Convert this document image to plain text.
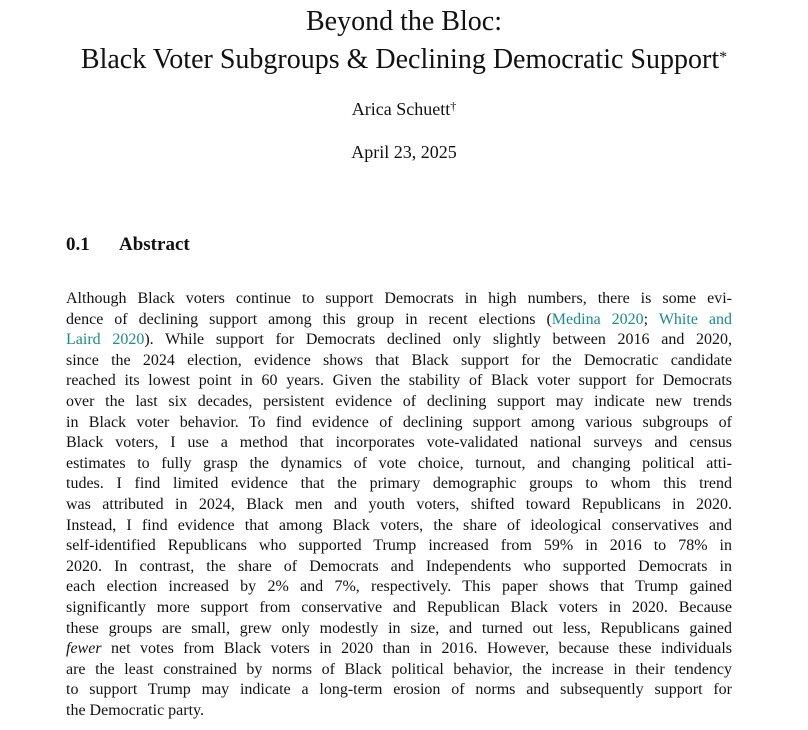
Beyond the Bloc:
Black Voter Subgroups & Declining Democratic Support*
Arica Schuett†
April 23, 2025
0.1 Abstract
Although Black voters continue to support Democrats in high numbers, there is some evi-
dence of declining support among this group in recent elections (Medina 2020; White and
Laird 2020). While support for Democrats declined only slightly between 2016 and 2020,
since the 2024 election, evidence shows that Black support for the Democratic candidate
reached its lowest point in 60 years. Given the stability of Black voter support for Democrats
over the last six decades, persistent evidence of declining support may indicate new trends
in Black voter behavior. To find evidence of declining support among various subgroups of
Black voters, I use a method that incorporates vote-validated national surveys and census
estimates to fully grasp the dynamics of vote choice, turnout, and changing political atti-
tudes. I find limited evidence that the primary demographic groups to whom this trend
was attributed in 2024, Black men and youth voters, shifted toward Republicans in 2020.
Instead, I find evidence that among Black voters, the share of ideological conservatives and
self-identified Republicans who supported Trump increased from 59% in 2016 to 78% in
2020. In contrast, the share of Democrats and Independents who supported Democrats in
each election increased by 2% and 7%, respectively. This paper shows that Trump gained
significantly more support from conservative and Republican Black voters in 2020. Because
these groups are small, grew only modestly in size, and turned out less, Republicans gained
fewer net votes from Black voters in 2020 than in 2016. However, because these individuals
are the least constrained by norms of Black political behavior, the increase in their tendency
to support Trump may indicate a long-term erosion of norms and subsequently support for
the Democratic party.
